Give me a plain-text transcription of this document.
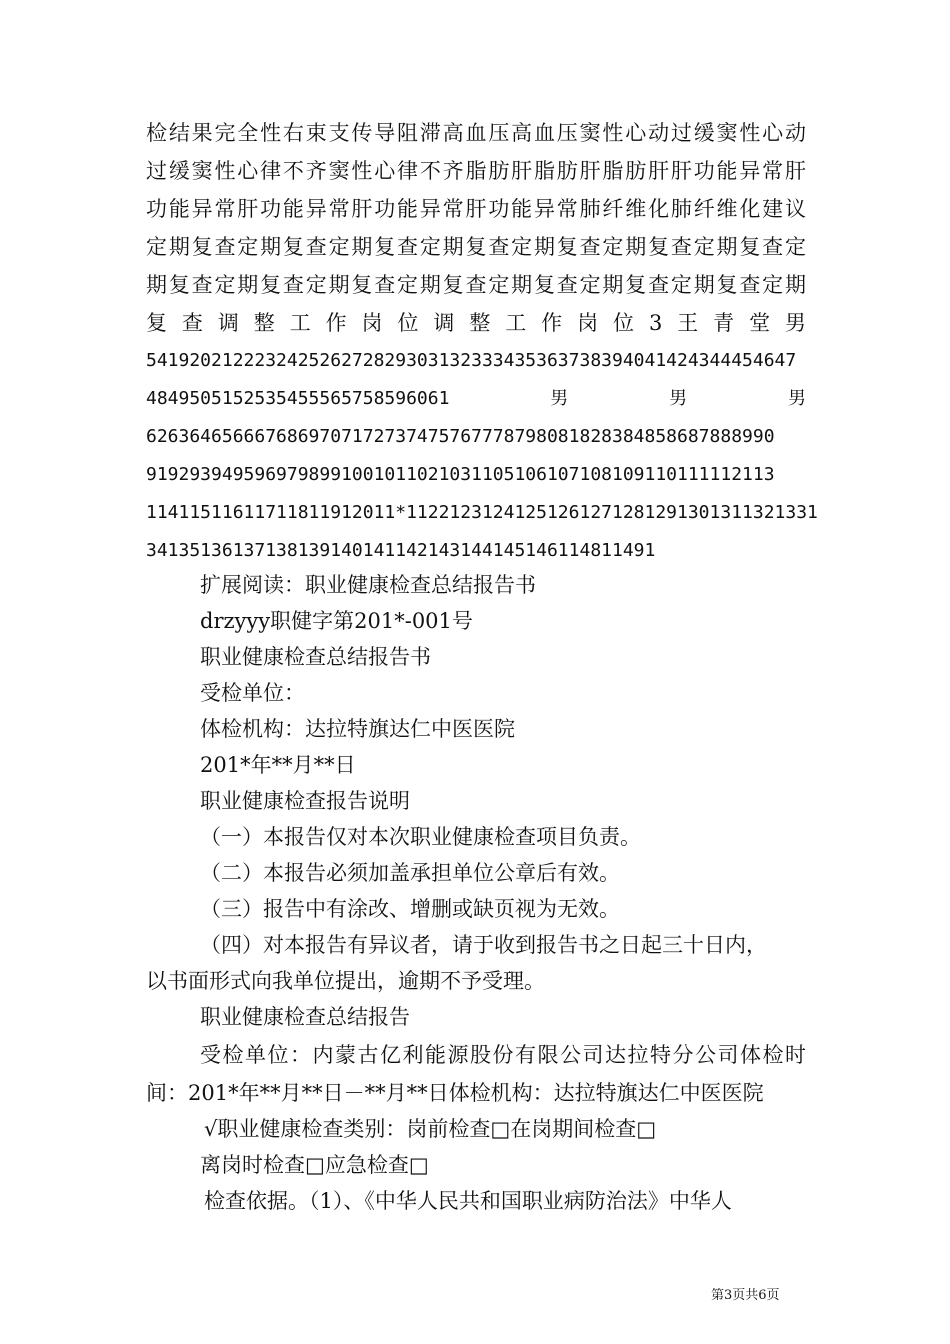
检结果完全性右束支传导阻滞高血压高血压窦性心动过缓窦性心动
过缓窦性心律不齐窦性心律不齐脂肪肝脂肪肝脂肪肝肝功能异常肝
功能异常肝功能异常肝功能异常肝功能异常肺纤维化肺纤维化建议
定期复查定期复查定期复查定期复查定期复查定期复查定期复查定
期复查定期复查定期复查定期复查定期复查定期复查定期复查定期
复查调整工作岗位调整工作岗位3王青堂男
541920212223242526272829303132333435363738394041424344454647
4849505152535455565758596061男男男
6263646566676869707172737475767778798081828384858687888990
9192939495969798991001011021031105106107108109110111112113
11411511611711811912011*11221231241251261271281291301311321331
34135136137138139140141142143144145146114811491
扩展阅读：职业健康检查总结报告书
drzyyy职健字第201*-001号
职业健康检查总结报告书
受检单位：
体检机构：达拉特旗达仁中医医院
201*年**月**日
职业健康检查报告说明
（一）本报告仅对本次职业健康检查项目负责。
（二）本报告必须加盖承担单位公章后有效。
（三）报告中有涂改、增删或缺页视为无效。
（四）对本报告有异议者，请于收到报告书之日起三十日内，
以书面形式向我单位提出，逾期不予受理。
职业健康检查总结报告
受检单位：内蒙古亿利能源股份有限公司达拉特分公司体检时
间：201*年**月**日－**月**日体检机构：达拉特旗达仁中医医院
√职业健康检查类别：岗前检查□在岗期间检查□
离岗时检查□应急检查□
检查依据。（1）、《中华人民共和国职业病防治法》中华人
第3页共6页
